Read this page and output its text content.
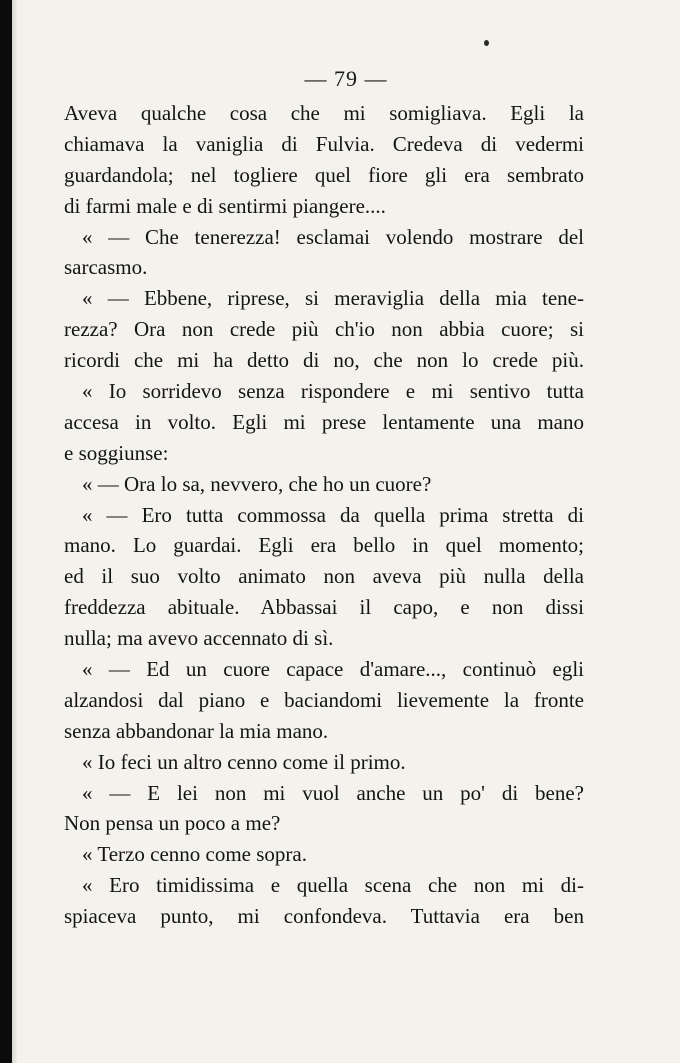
— 79 —
Aveva qualche cosa che mi somigliava. Egli la
chiamava la vaniglia di Fulvia. Credeva di vedermi
guardandola; nel togliere quel fiore gli era sembrato
di farmi male e di sentirmi piangere....
« — Che tenerezza! esclamai volendo mostrare del
sarcasmo.
« — Ebbene, riprese, si meraviglia della mia tene-
rezza? Ora non crede più ch'io non abbia cuore; si
ricordi che mi ha detto di no, che non lo crede più.
« Io sorridevo senza rispondere e mi sentivo tutta
accesa in volto. Egli mi prese lentamente una mano
e soggiunse:
« — Ora lo sa, nevvero, che ho un cuore?
« — Ero tutta commossa da quella prima stretta di
mano. Lo guardai. Egli era bello in quel momento;
ed il suo volto animato non aveva più nulla della
freddezza abituale. Abbassai il capo, e non dissi
nulla; ma avevo accennato di sì.
« — Ed un cuore capace d'amare..., continuò egli
alzandosi dal piano e baciandomi lievemente la fronte
senza abbandonar la mia mano.
« Io feci un altro cenno come il primo.
« — E lei non mi vuol anche un po' di bene?
Non pensa un poco a me?
« Terzo cenno come sopra.
« Ero timidissima e quella scena che non mi di-
spiaceva punto, mi confondeva. Tuttavia era ben
